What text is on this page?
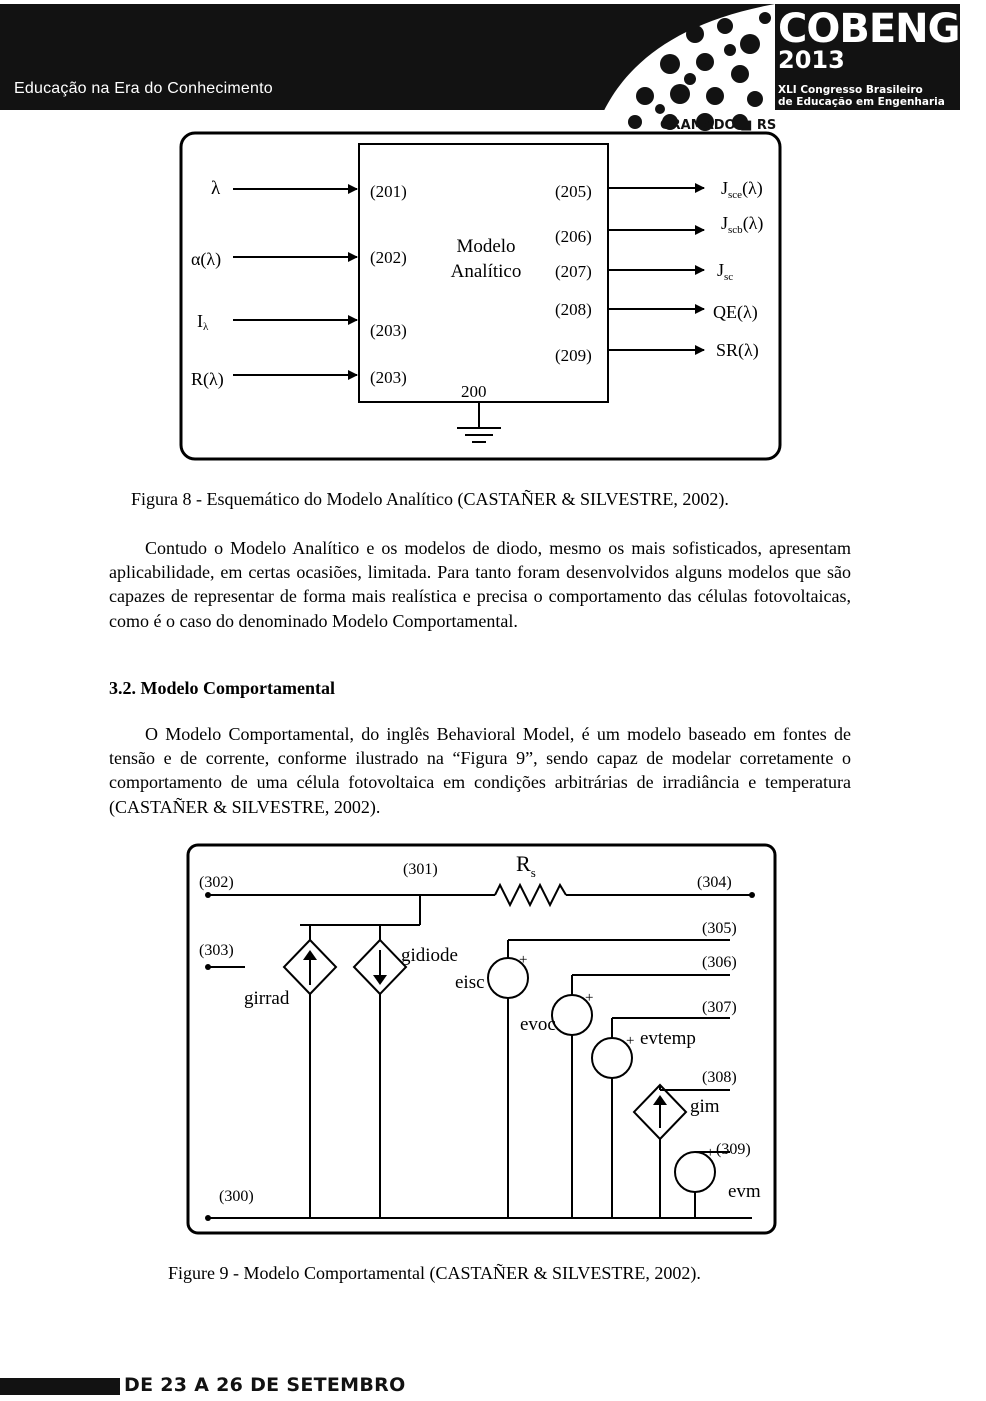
Educação na Era do Conhecimento
COBENGE
2013
XLI Congresso Brasileiro
de Educação em Engenharia
GRAMADO ■ RS
λ
α(λ)
Iλ
R(λ)
(201)
(202)
(203)
(203)
Modelo
Analítico
(205)
(206)
(207)
(208)
(209)
$J_{sce}(\lambda)$
$J_{scb}(\lambda)$
$J_{sc}$
QE(λ)
SR(λ)
200
Figura 8 - Esquemático do Modelo Analítico (CASTAÑER & SILVESTRE, 2002).
Contudo o Modelo Analítico e os modelos de diodo, mesmo os mais sofisticados, apresentam aplicabilidade, em certas ocasiões, limitada. Para tanto foram desenvolvidos alguns modelos que são capazes de representar de forma mais realística e precisa o comportamento das células fotovoltaicas, como é o caso do denominado Modelo Comportamental.
3.2. Modelo Comportamental
O Modelo Comportamental, do inglês Behavioral Model, é um modelo baseado em fontes de tensão e de corrente, conforme ilustrado na “Figura 9”, sendo capaz de modelar corretamente o comportamento de uma célula fotovoltaica em condições arbitrárias de irradiância e temperatura (CASTAÑER & SILVESTRE, 2002).
(302)
(301)	$R_s$
(304)
(303)
(305)
(306)
(307)
(308)
(309)
(300)
girrad
gidiode
eisc
evoc
evtemp
gim
evm
+
+
+
+
Figure 9 - Modelo Comportamental (CASTAÑER & SILVESTRE, 2002).
DE 23 A 26 DE SETEMBRO
